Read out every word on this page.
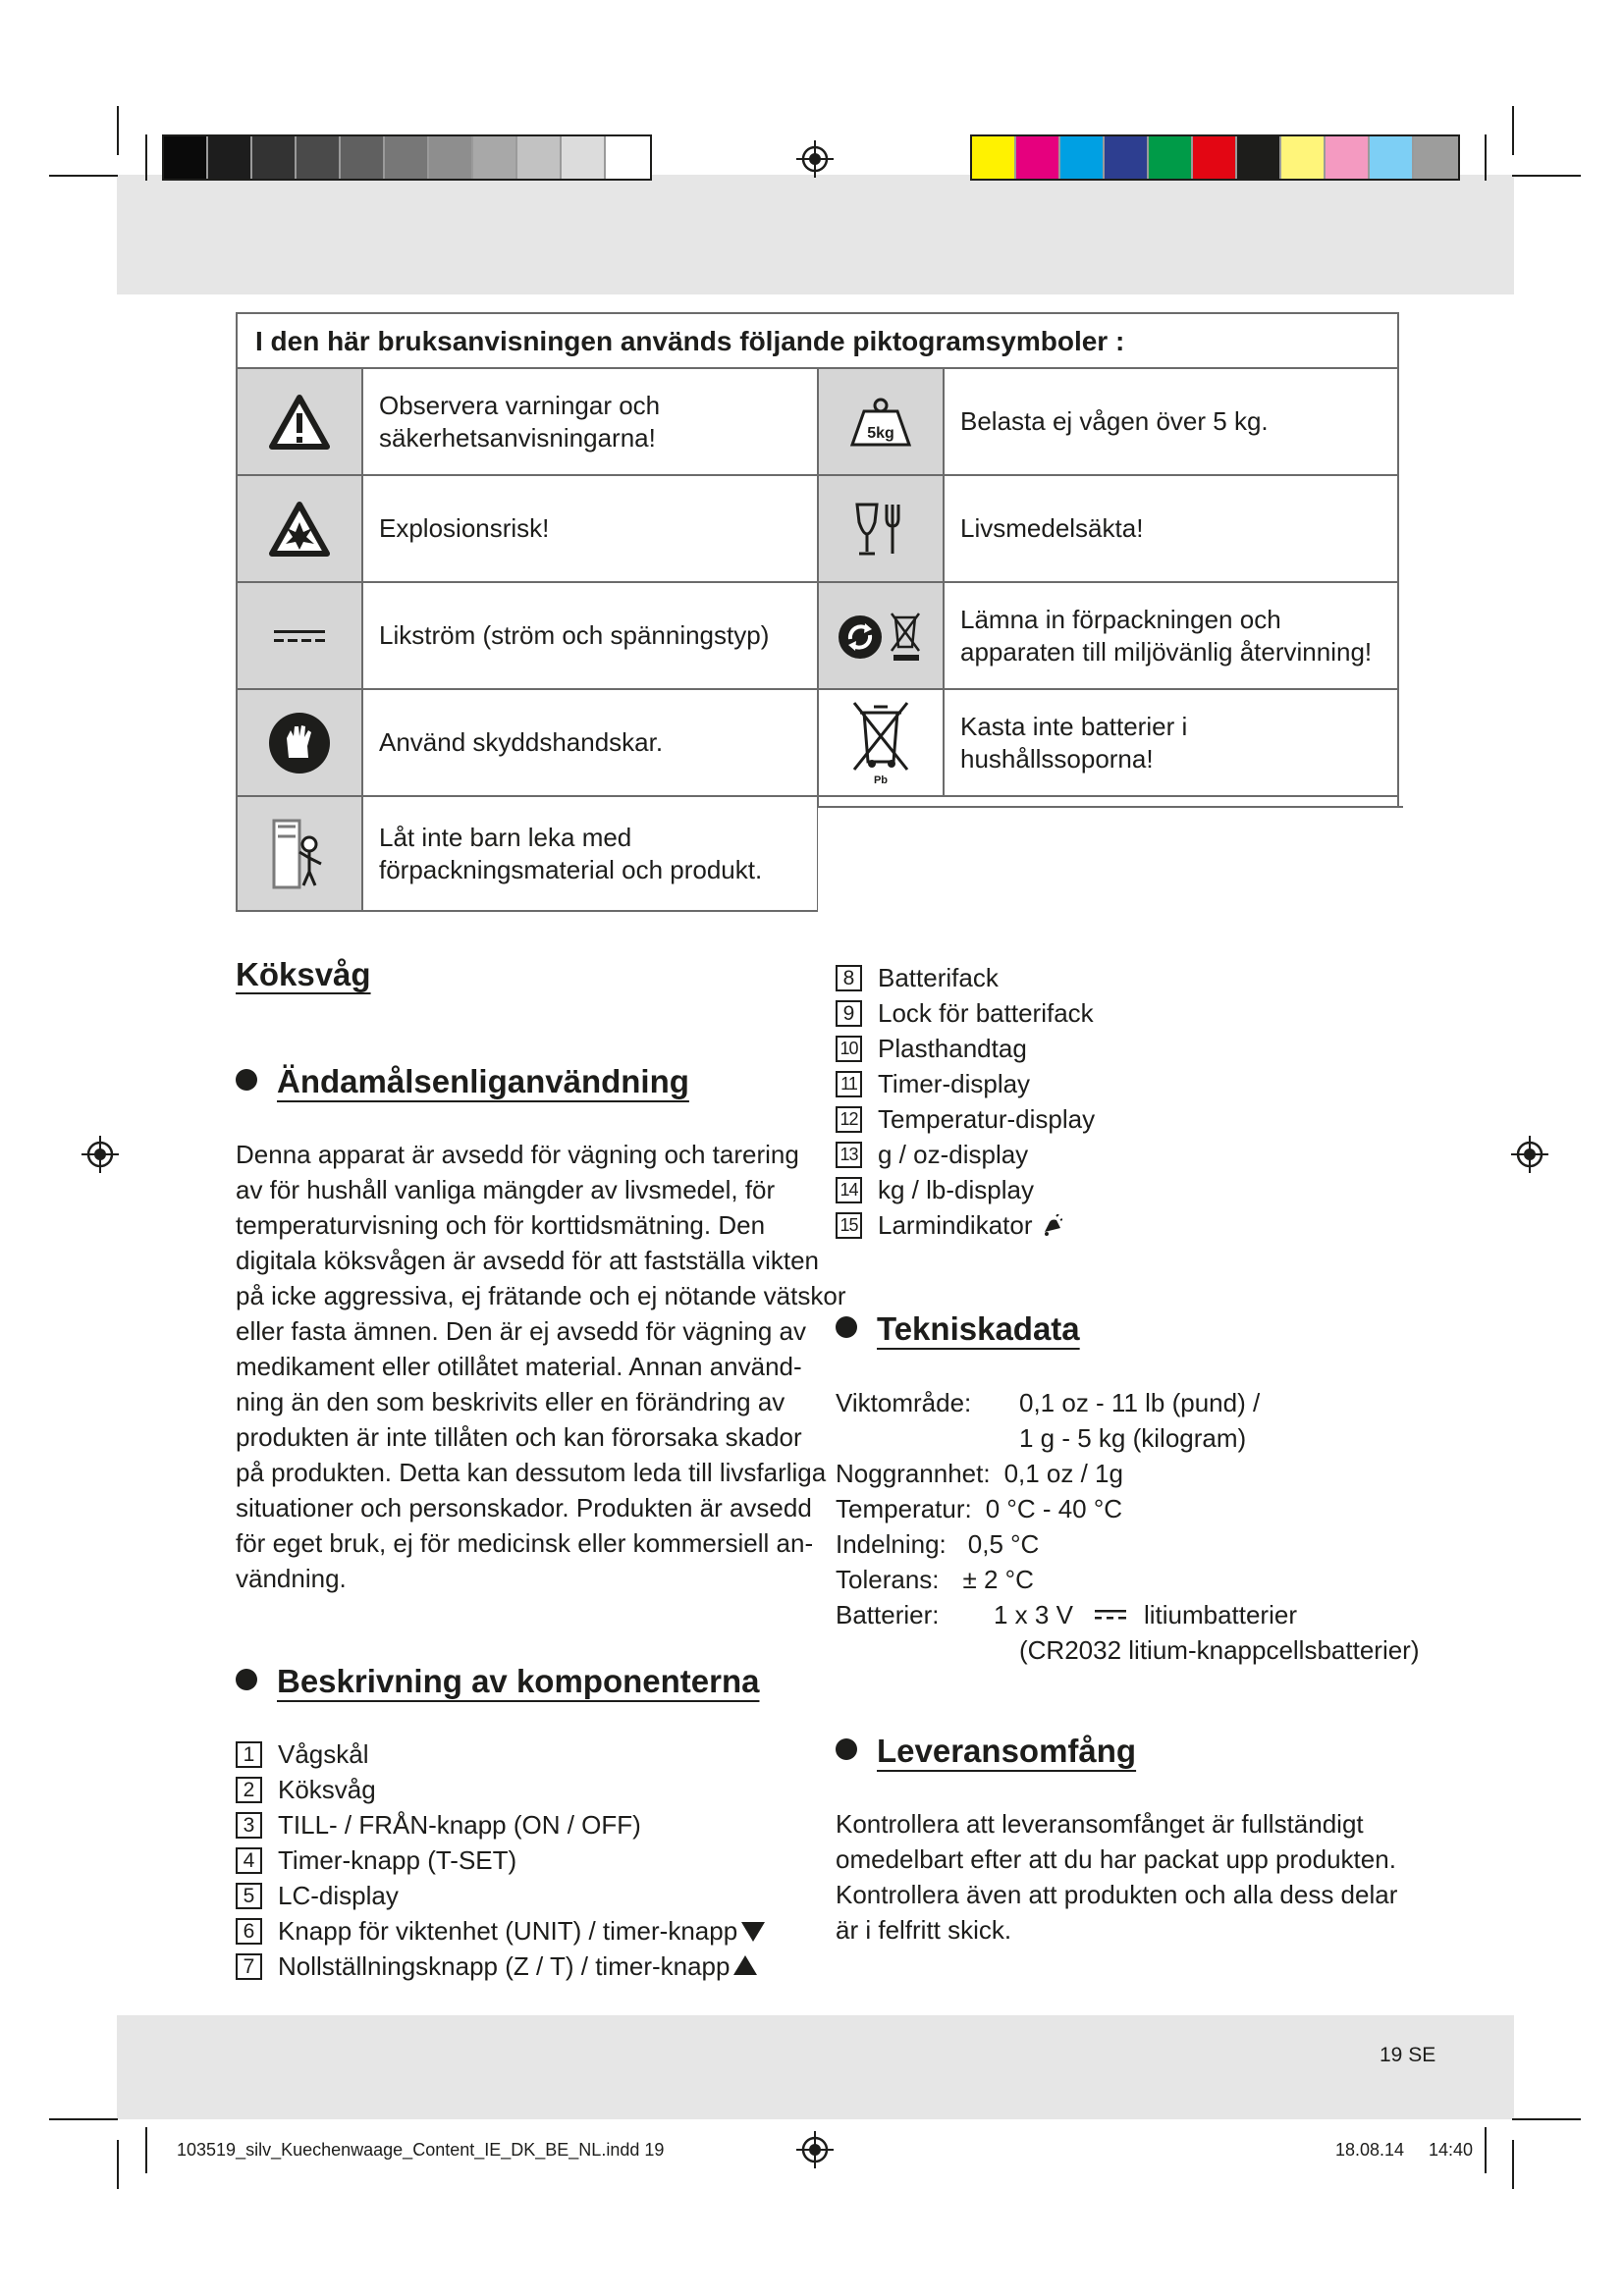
I den här bruksanvisningen används följande piktogramsymboler :
Observera varningar och säkerhetsanvisningarna!
Explosionsrisk!
Likström (ström och spänningstyp)
Använd skyddshandskar.
Låt inte barn leka med förpackningsmaterial och produkt.
5kg	Belasta ej vågen över 5 kg.
Livsmedelsäkta!
Lämna in förpackningen och apparaten till miljövänlig återvinning!
Pb
Kasta inte batterier i hushållssoporna!
Köksvåg
Ändamålsenliganvändning
Denna apparat är avsedd för vägning och tarering
av för hushåll vanliga mängder av livsmedel, för
temperaturvisning och för korttidsmätning. Den
digitala köksvågen är avsedd för att fastställa vikten
på icke aggressiva, ej frätande och ej nötande vätskor
eller fasta ämnen. Den är ej avsedd för vägning av
medikament eller otillåtet material. Annan använd-
ning än den som beskrivits eller en förändring av
produkten är inte tillåten och kan förorsaka skador
på produkten. Detta kan dessutom leda till livsfarliga
situationer och personskador. Produkten är avsedd
för eget bruk, ej för medicinsk eller kommersiell an-
vändning.
Beskrivning av komponenterna
1 Vågskål
2 Köksvåg
3 TILL- / FRÅN-knapp (ON / OFF)
4 Timer-knapp (T-SET)
5 LC-display
6 Knapp för viktenhet (UNIT) / timer-knapp
7 Nollställningsknapp (Z / T) / timer-knapp
8 Batterifack
9 Lock för batterifack
10 Plasthandtag
11 Timer-display
12 Temperatur-display
13 g / oz-display
14 kg / lb-display
15 Larmindikator
Tekniskadata
Viktområde:	0,1 oz - 11 lb (pund) /
1 g - 5 kg (kilogram)
Noggrannhet: 0,1 oz / 1g
Temperatur: 0 °C - 40 °C
Indelning: 0,5 °C
Tolerans: ± 2 °C
Batterier:	1 x 3 V	litiumbatterier
(CR2032 litium-knappcellsbatterier)
Leveransomfång
Kontrollera att leveransomfånget är fullständigt
omedelbart efter att du har packat upp produkten.
Kontrollera även att produkten och alla dess delar
är i felfritt skick.
19 SE
103519_silv_Kuechenwaage_Content_IE_DK_BE_NL.indd 19	18.08.14 14:40
